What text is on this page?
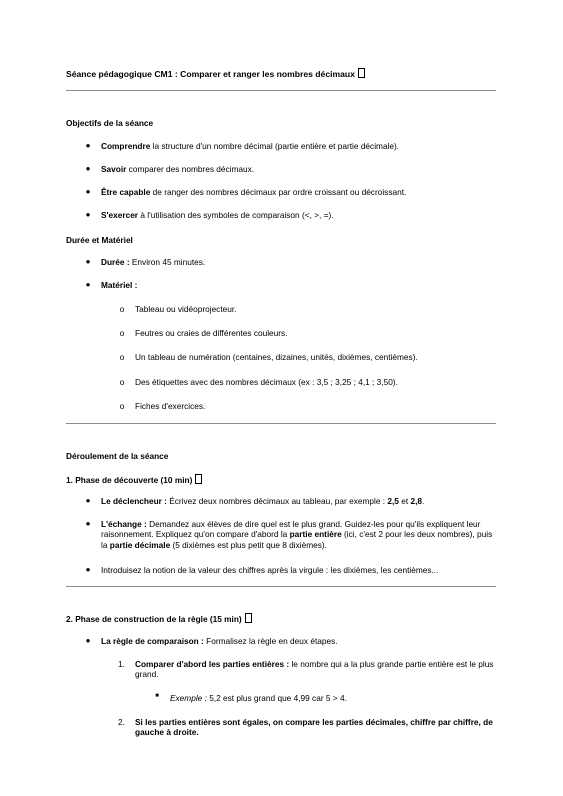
Séance pédagogique CM1 : Comparer et ranger les nombres décimaux
Objectifs de la séance
● Comprendre la structure d'un nombre décimal (partie entière et partie décimale).
● Savoir comparer des nombres décimaux.
● Être capable de ranger des nombres décimaux par ordre croissant ou décroissant.
● S'exercer à l'utilisation des symboles de comparaison (<, >, =).
Durée et Matériel
● Durée : Environ 45 minutes.
● Matériel :
o Tableau ou vidéoprojecteur.
o Feutres ou craies de différentes couleurs.
o Un tableau de numération (centaines, dizaines, unités, dixièmes, centièmes).
o Des étiquettes avec des nombres décimaux (ex : 3,5 ; 3,25 ; 4,1 ; 3,50).
o Fiches d'exercices.
Déroulement de la séance
1. Phase de découverte (10 min)
● Le déclencheur : Écrivez deux nombres décimaux au tableau, par exemple : 2,5 et 2,8.
● L'échange : Demandez aux élèves de dire quel est le plus grand. Guidez-les pour qu'ils expliquent leur raisonnement. Expliquez qu'on compare d'abord la partie entière (ici, c'est 2 pour les deux nombres), puis la partie décimale (5 dixièmes est plus petit que 8 dixièmes).
● Introduisez la notion de la valeur des chiffres après la virgule : les dixièmes, les centièmes...
2. Phase de construction de la règle (15 min)
● La règle de comparaison : Formalisez la règle en deux étapes.
1.	Comparer d'abord les parties entières : le nombre qui a la plus grande partie entière est le plus grand.
■ Exemple : 5,2 est plus grand que 4,99 car 5 > 4.
2.	Si les parties entières sont égales, on compare les parties décimales, chiffre par chiffre, de gauche à droite.
